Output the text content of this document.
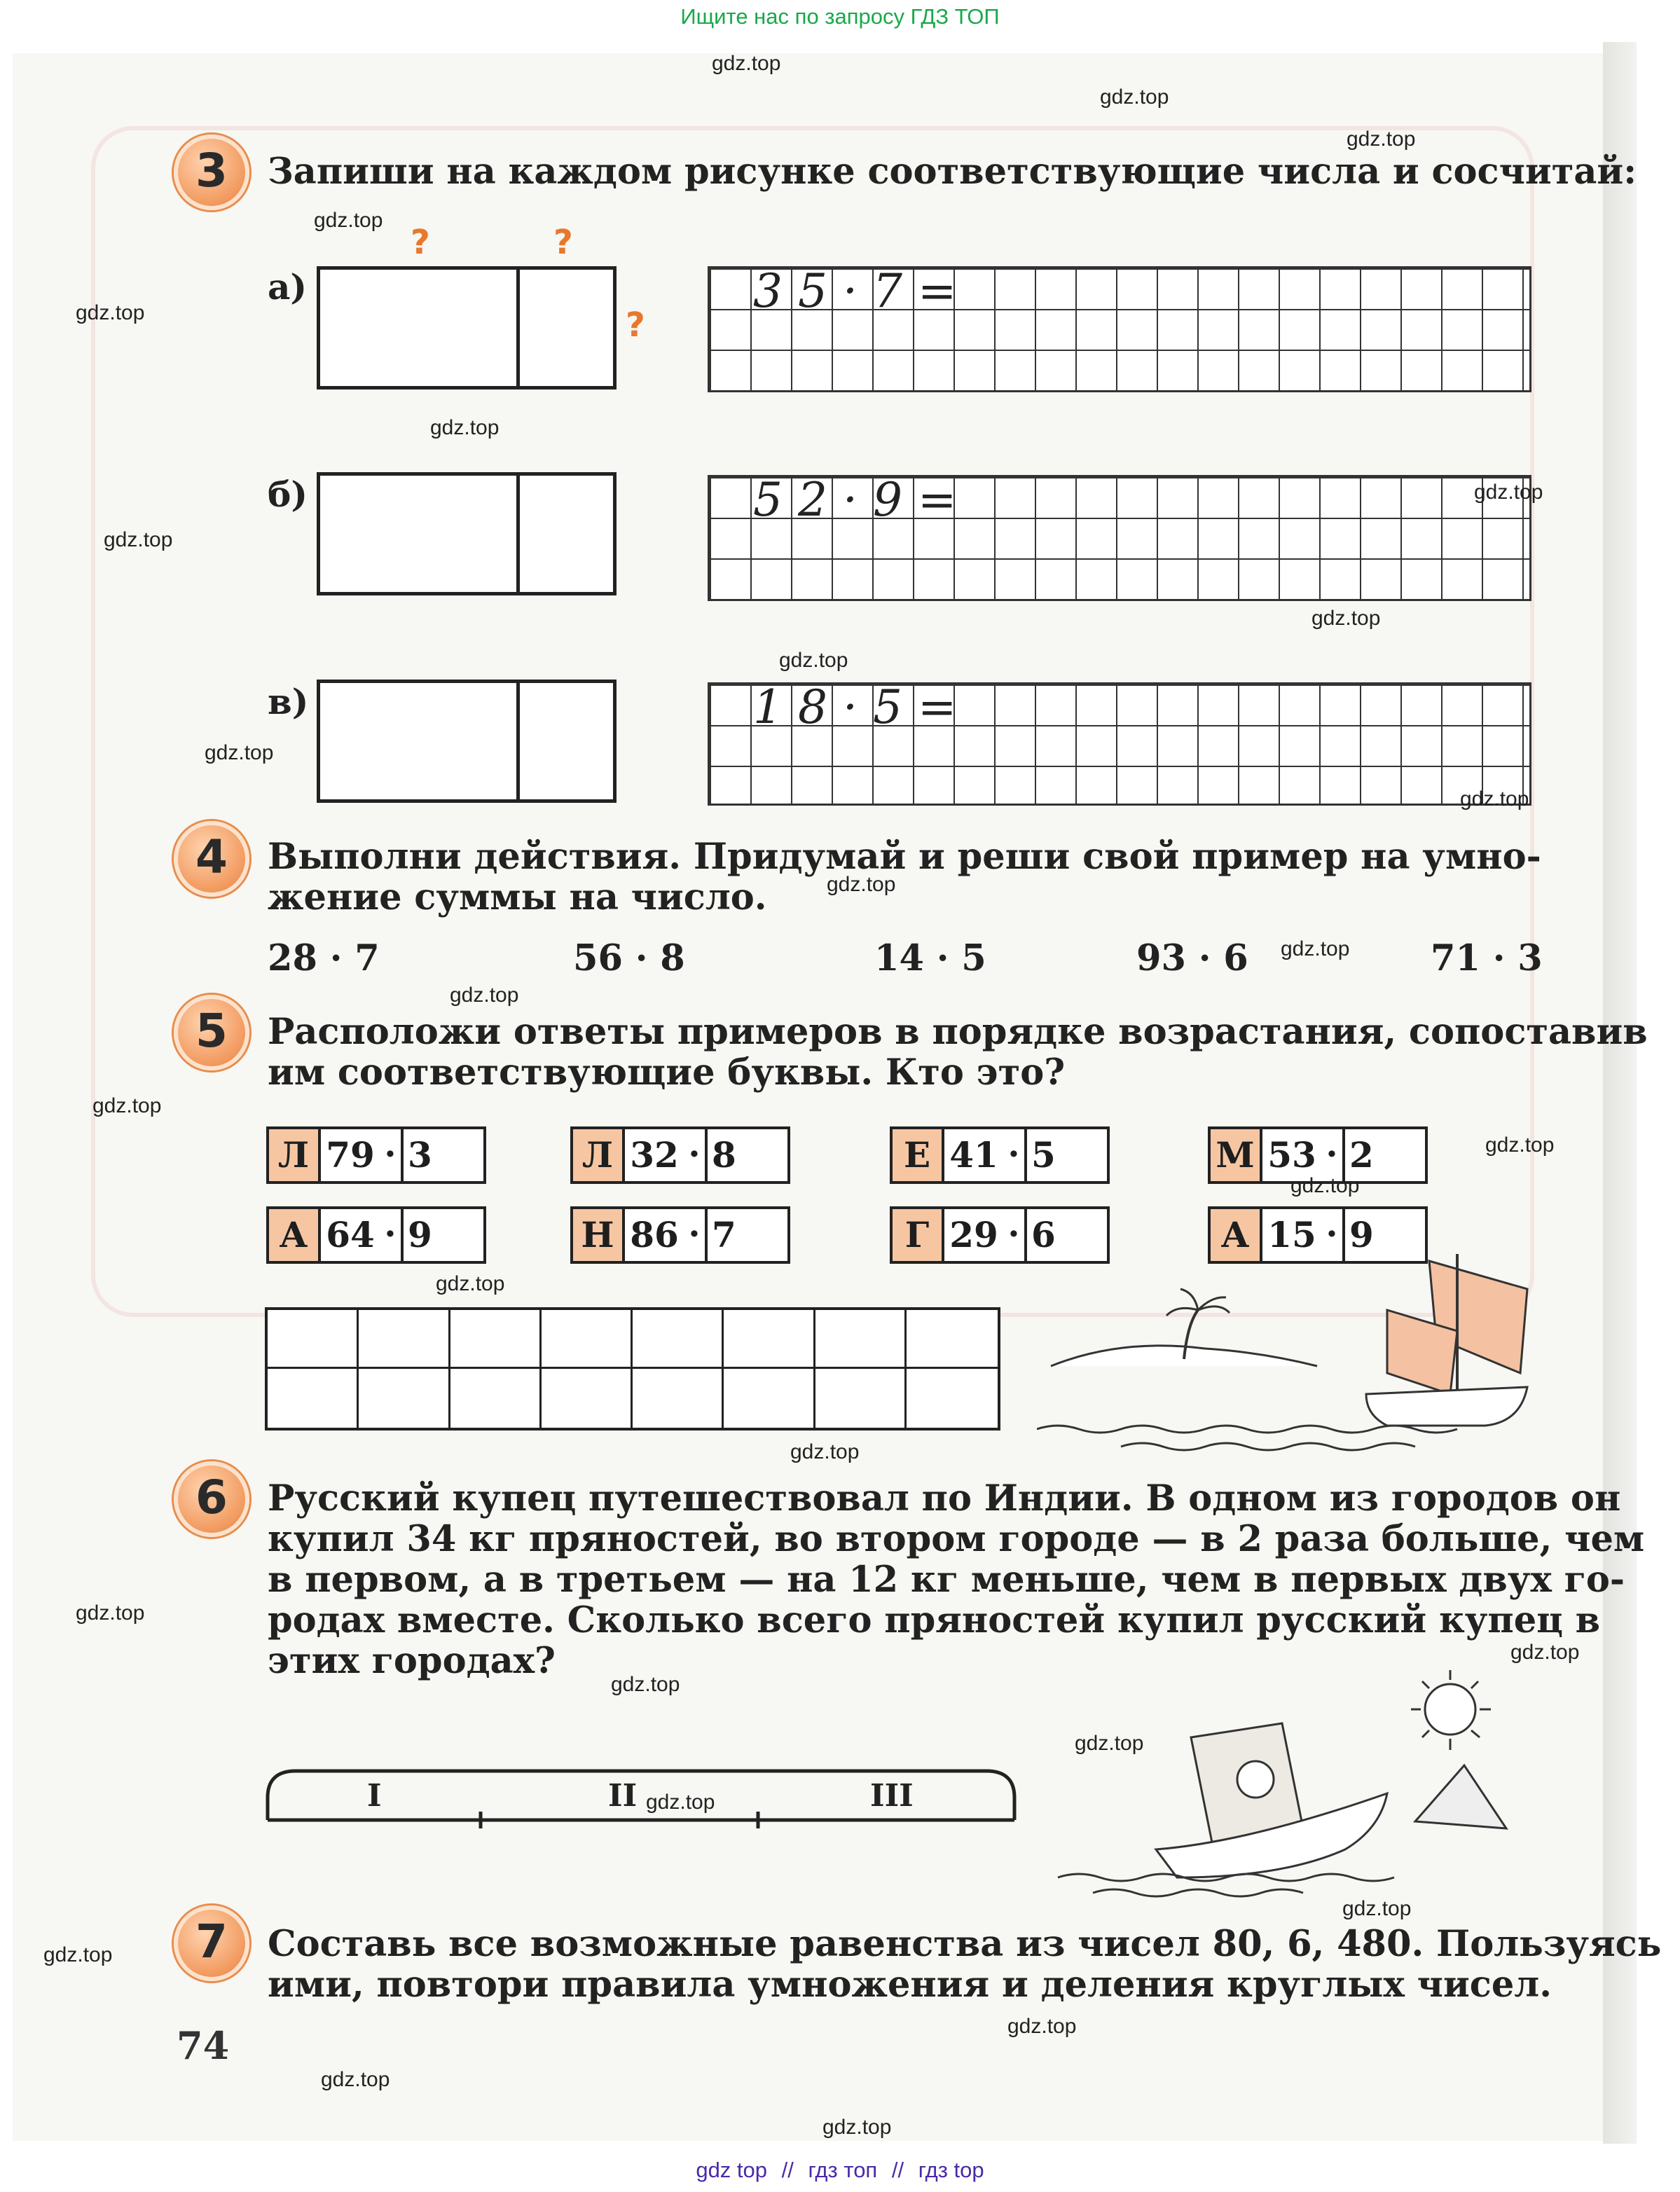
Ищите нас по запросу ГДЗ ТОП
3	Запиши на каждом рисунке соответствующие числа и сосчитай:
?	?
?
а)	35·7=
б)	52·9=
в)	18·5=
4	Выполни действия. Придумай и реши свой пример на умно-
жение суммы на число.
28 · 7	56 · 8	14 · 5	93 · 6	71 · 3
5	Расположи ответы примеров в порядке возрастания, сопоставив
им соответствующие буквы. Кто это?
Л 79 · 3	Л 32 · 8	Е 41 · 5	М 53 · 2
А 64 · 9	Н 86 · 7	Г 29 · 6	А 15 · 9
6	Русский купец путешествовал по Индии. В одном из городов он
купил 34 кг пряностей, во втором городе — в 2 раза больше, чем
в первом, а в третьем — на 12 кг меньше, чем в первых двух го-
родах вместе. Сколько всего пряностей купил русский купец в
этих городах?
I	II	III
7	Составь все возможные равенства из чисел 80, 6, 480. Пользуясь
ими, повтори правила умножения и деления круглых чисел.
74
gdz.top
gdz.top
gdz.top
gdz.top
gdz.top
gdz.top
gdz.top
gdz.top
gdz.top
gdz.top
gdz.top
gdz.top
gdz.top
gdz.top
gdz.top
gdz.top
gdz.top
gdz.top
gdz.top
gdz.top
gdz.top
gdz.top
gdz.top
gdz.top
gdz.top
gdz.top
gdz.top
gdz.top
gdz.top
gdz.top
gdz top // гдз топ // гдз top
